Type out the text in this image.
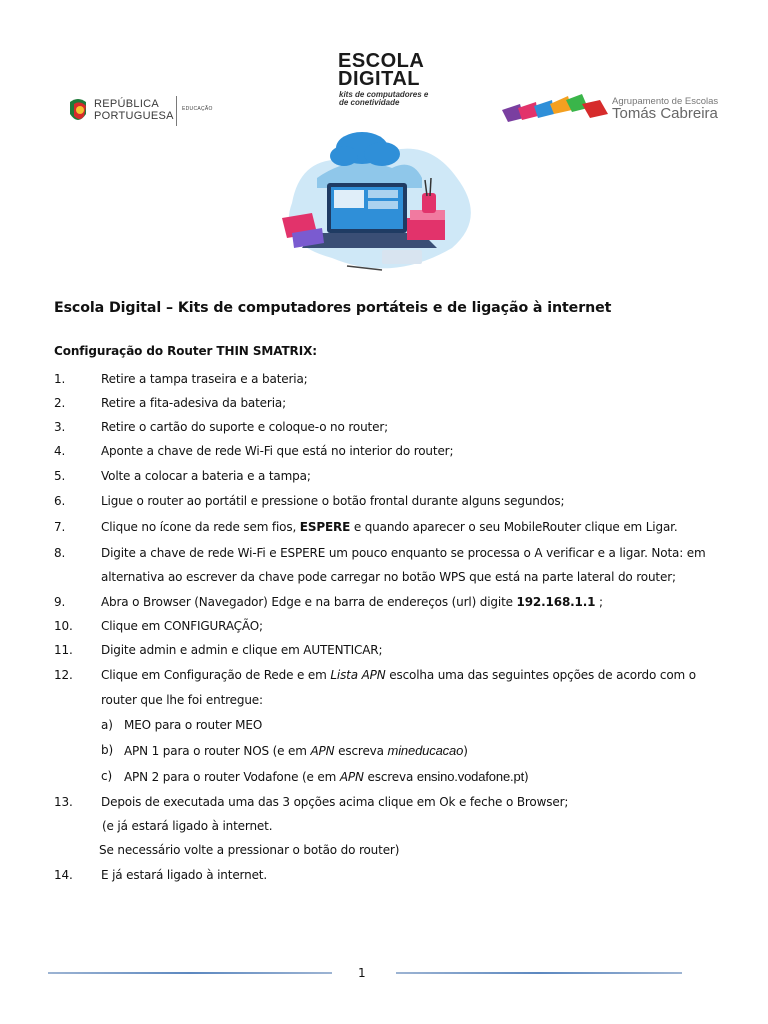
REPÚBLICA
PORTUGUESA
EDUCAÇÃO
ESCOLA
DIGITAL
kits de computadores e
de conetividade	Agrupamento de Escolas
Tomás Cabreira
Escola Digital – Kits de computadores portáteis e de ligação à internet
Configuração do Router THIN SMATRIX:
1.	Retire a tampa traseira e a bateria;
2.	Retire a fita-adesiva da bateria;
3.	Retire o cartão do suporte e coloque-o no router;
4.	Aponte a chave de rede Wi-Fi que está no interior do router;
5.	Volte a colocar a bateria e a tampa;
6.	Ligue o router ao portátil e pressione o botão frontal durante alguns segundos;
7.	Clique no ícone da rede sem fios, ESPERE e quando aparecer o seu MobileRouter clique em Ligar.
8.	Digite a chave de rede Wi-Fi e ESPERE um pouco enquanto se processa o A verificar e a ligar. Nota: em
alternativa ao escrever da chave pode carregar no botão WPS que está na parte lateral do router;
9.	Abra o Browser (Navegador) Edge e na barra de endereços (url) digite 192.168.1.1 ;
10. Clique em CONFIGURAÇÃO;
11. Digite admin e admin e clique em AUTENTICAR;
12. Clique em Configuração de Rede e em Lista APN escolha uma das seguintes opções de acordo com o
router que lhe foi entregue:
a) MEO para o router MEO
b) APN 1 para o router NOS (e em APN escreva mineducacao)
c) APN 2 para o router Vodafone (e em APN escreva ensino.vodafone.pt)
13. Depois de executada uma das 3 opções acima clique em Ok e feche o Browser;
(e já estará ligado à internet.
Se necessário volte a pressionar o botão do router)
14. E já estará ligado à internet.
1
